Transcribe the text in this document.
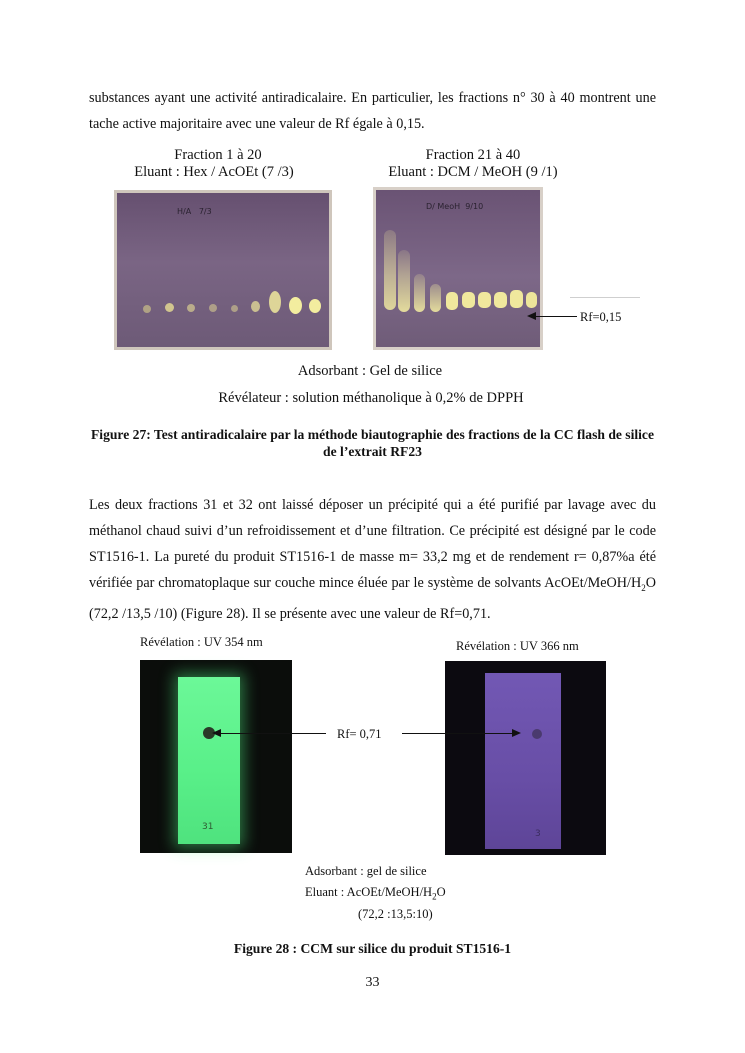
substances ayant une activité antiradicalaire. En particulier, les fractions n° 30 à 40 montrent une tache active majoritaire avec une valeur de Rf égale à 0,15.
Fraction 1 à 20
Eluant : Hex / AcOEt (7 /3)
Fraction 21 à 40
Eluant : DCM / MeOH (9 /1)
H/A   7/3
D/ MeoH  9/10
Rf=0,15
Adsorbant : Gel de silice
Révélateur : solution méthanolique à 0,2% de DPPH
Figure 27: Test antiradicalaire par la méthode biautographie des fractions de la CC flash de silice de l’extrait RF23
Les deux fractions 31 et 32 ont laissé déposer un précipité qui a été purifié par lavage avec du méthanol chaud suivi d’un refroidissement et d’une filtration. Ce précipité est désigné par le code ST1516-1. La pureté du produit ST1516-1 de masse m= 33,2 mg et de rendement r= 0,87%a été vérifiée par chromatoplaque sur couche mince éluée par le système de solvants AcOEt/$MeOH/H_2O$ (72,2 /13,5 /10) (Figure 28). Il se présente avec une valeur de Rf=0,71.
Révélation : UV 354 nm	Révélation : UV 366 nm
31
3
Rf= 0,71
Adsorbant : gel de silice
Eluant : AcOEt/$MeOH/H_2O$
(72,2 :13,5:10)
Figure 28 : CCM sur silice du produit ST1516-1
33
